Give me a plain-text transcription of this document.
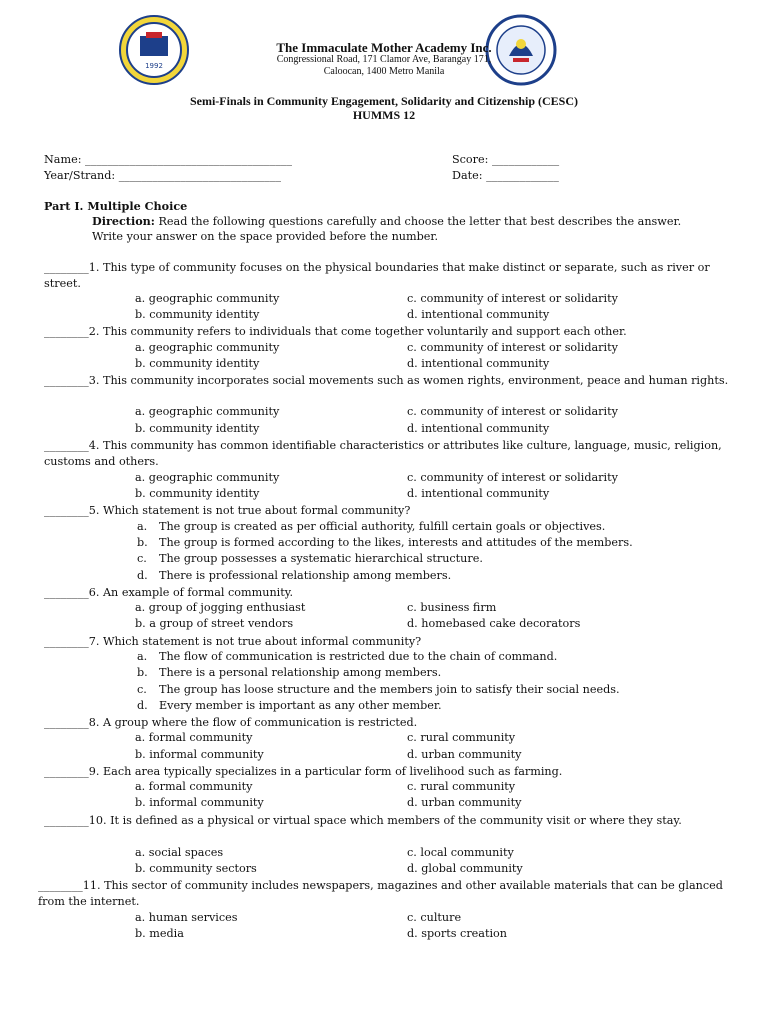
1992
The Immaculate Mother Academy Inc.
Congressional Road, 171 Clamor Ave, Barangay 171,
Caloocan, 1400 Metro Manila
Semi-Finals in Community Engagement, Solidarity and Citizenship (CESC)
HUMMS 12
Name: _____________________________________	Score: ____________
Year/Strand: _____________________________	Date: _____________
Part I. Multiple Choice
Direction: Read the following questions carefully and choose the letter that best describes the answer.
Write your answer on the space provided before the number.
________1. This type of community focuses on the physical boundaries that make distinct or separate, such as river or street.
a. geographic community	c. community of interest or solidarity
b. community identity	d. intentional community
________2. This community refers to individuals that come together voluntarily and support each other.
a. geographic community	c. community of interest or solidarity
b. community identity	d. intentional community
________3. This community incorporates social movements such as women rights, environment, peace and human rights.
a. geographic community	c. community of interest or solidarity
b. community identity	d. intentional community
________4. This community has common identifiable characteristics or attributes like culture, language, music, religion, customs and others.
a. geographic community	c. community of interest or solidarity
b. community identity	d. intentional community
________5. Which statement is not true about formal community?
a. The group is created as per official authority, fulfill certain goals or objectives.
b. The group is formed according to the likes, interests and attitudes of the members.
c. The group possesses a systematic hierarchical structure.
d. There is professional relationship among members.
________6. An example of formal community.
a. group of jogging enthusiast	c. business firm
b. a group of street vendors	d. homebased cake decorators
________7. Which statement is not true about informal community?
a. The flow of communication is restricted due to the chain of command.
b. There is a personal relationship among members.
c. The group has loose structure and the members join to satisfy their social needs.
d. Every member is important as any other member.
________8. A group where the flow of communication is restricted.
a. formal community	c. rural community
b. informal community	d. urban community
________9. Each area typically specializes in a particular form of livelihood such as farming.
a. formal community	c. rural community
b. informal community	d. urban community
________10. It is defined as a physical or virtual space which members of the community visit or where they stay.
a. social spaces	c. local community
b. community sectors	d. global community
________11. This sector of community includes newspapers, magazines and other available materials that can be glanced from the internet.
a. human services	c. culture
b. media	d. sports creation
